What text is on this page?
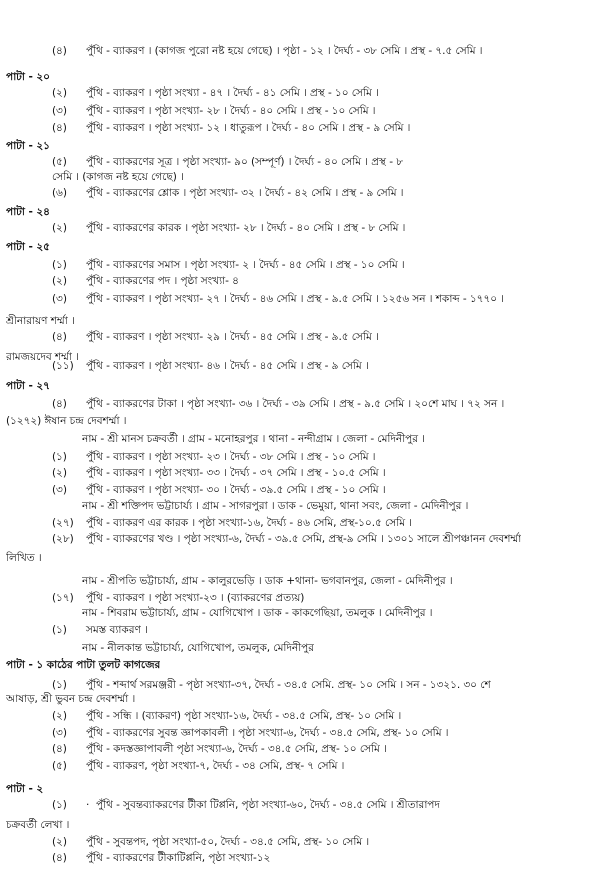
(৪) পুঁথি - ব্যাকরণ । (কাগজ পুরো নষ্ট হয়ে গেছে) । পৃষ্ঠা - ১২ । দৈর্ঘ্য - ৩৮ সেমি । প্রস্থ - ৭.৫ সেমি ।
পাটা - ২০
(২) পুঁথি - ব্যাকরণ । পৃষ্ঠা সংখ্যা - ৪৭ । দৈর্ঘ্য - ৪১ সেমি । প্রস্থ - ১০ সেমি ।
(৩) পুঁথি - ব্যাকরণ । পৃষ্ঠা সংখ্যা- ২৮ । দৈর্ঘ্য - ৪০ সেমি । প্রস্থ - ১০ সেমি ।
(৪) পুঁথি - ব্যাকরণ । পৃষ্ঠা সংখ্যা- ১২ । ধাতুরূপ । দৈর্ঘ্য - ৪০ সেমি । প্রস্থ - ৯ সেমি ।
পাটা - ২১
(৫) পুঁথি - ব্যাকরণের সূত্র । পৃষ্ঠা সংখ্যা- ৯০ (সম্পূর্ণ) । দৈর্ঘ্য - ৪০ সেমি । প্রস্থ - ৮
সেমি । (কাগজ নষ্ট হয়ে গেছে) ।
(৬) পুঁথি - ব্যাকরণের শ্লোক । পৃষ্ঠা সংখ্যা- ৩২ । দৈর্ঘ্য - ৪২ সেমি । প্রস্থ - ৯ সেমি ।
পাটা - ২৪
(২) পুঁথি - ব্যাকরণের কারক । পৃষ্ঠা সংখ্যা- ২৮ । দৈর্ঘ্য - ৪০ সেমি । প্রস্থ - ৮ সেমি ।
পাটা - ২৫
(১) পুঁথি - ব্যাকরণের সমাস । পৃষ্ঠা সংখ্যা- ২ । দৈর্ঘ্য - ৪৫ সেমি । প্রস্থ - ১০ সেমি ।
(২) পুঁথি - ব্যাকরণের পদ । পৃষ্ঠা সংখ্যা- ৪
(৩) পুঁথি - ব্যাকরণ । পৃষ্ঠা সংখ্যা- ২৭ । দৈর্ঘ্য - ৪৬ সেমি । প্রস্থ - ৯.৫ সেমি । ১২৫৬ সন । শকাব্দ - ১৭৭০ ।
শ্রীনারায়ণ শর্ম্মা ।
(৪) পুঁথি - ব্যাকরণ । পৃষ্ঠা সংখ্যা- ২৯ । দৈর্ঘ্য - ৪৫ সেমি । প্রস্থ - ৯.৫ সেমি ।
রামজয়দেব শর্ম্মা ।
(১১) পুঁথি - ব্যাকরণ । পৃষ্ঠা সংখ্যা- ৪৬ । দৈর্ঘ্য - ৪৫ সেমি । প্রস্থ - ৯ সেমি ।
পাটা - ২৭
(৪) পুঁথি - ব্যাকরণের টাকা । পৃষ্ঠা সংখ্যা- ৩৬ । দৈর্ঘ্য - ৩৯ সেমি । প্রস্থ - ৯.৫ সেমি । ২০শে মাঘ । ৭২ সন ।
(১২৭২) ঈষান চন্দ্র দেবশর্ম্মা ।
নাম - শ্রী মানস চক্রবর্তী । গ্রাম - মনোহরপুর । থানা - নন্দীগ্রাম । জেলা - মেদিনীপুর ।
(১) পুঁথি - ব্যাকরণ । পৃষ্ঠা সংখ্যা- ২৩ । দৈর্ঘ্য - ৩৮ সেমি । প্রস্থ - ১০ সেমি ।
(২) পুঁথি - ব্যাকরণ । পৃষ্ঠা সংখ্যা- ৩৩ । দৈর্ঘ্য - ৩৭ সেমি । প্রস্থ - ১০.৫ সেমি ।
(৩) পুঁথি - ব্যাকরণ । পৃষ্ঠা সংখ্যা- ৩০ । দৈর্ঘ্য - ৩৯.৫ সেমি । প্রস্থ - ১০ সেমি ।
নাম - শ্রী শক্তিপদ ভট্টাচার্য্য । গ্রাম - সাগরপুরা । ডাক - ভেমুয়া, থানা সবং, জেলা - মেদিনীপুর ।
(২৭) পুঁথি - ব্যাকরণ এর কারক । পৃষ্ঠা সংখ্যা-১৬, দৈর্ঘ্য - ৪৬ সেমি, প্রস্থ-১০.৫ সেমি ।
(২৮) পুঁথি - ব্যাকরণের খণ্ড । পৃষ্ঠা সংখ্যা-৬, দৈর্ঘ্য - ৩৯.৫ সেমি, প্রস্থ-৯ সেমি । ১৩০১ সালে শ্রীপঞ্চানন দেবশর্ম্মা
লিখিত ।
নাম - শ্রীপতি ভট্টাচার্য্য, গ্রাম - কালুরভেড়ি । ডাক +থানা- ভগবানপুর, জেলা - মেদিনীপুর ।
(১৭) পুঁথি - ব্যাকরণ । পৃষ্ঠা সংখ্যা-২৩ । (ব্যাকরণের প্রত্যয়)
নাম - শিবরাম ভট্টাচার্য্য, গ্রাম - যোগিখোপ । ডাক - কাকগেছিয়া, তমলুক । মেদিনীপুর ।
(১) সমস্ত ব্যাকরণ ।
নাম - নীলকান্ত ভট্টাচার্য্য, যোগিখোপ, তমলুক, মেদিনীপুর
পাটা - ১ কাঠের পাটা তুলট কাগজের
(১) পুঁথি - শব্দার্থ সরমঞ্জরী - পৃষ্ঠা সংখ্যা-৩৭, দৈর্ঘ্য - ৩৪.৫ সেমি. প্রস্থ- ১০ সেমি । সন - ১৩২১. ৩০ শে
আষাড়, শ্রী ভুবন চন্দ্র দেবশর্ম্মা ।
(২) পুঁথি - সন্ধি । (ব্যাকরণ) পৃষ্ঠা সংখ্যা-১৬, দৈর্ঘ্য - ৩৪.৫ সেমি, প্রস্থ- ১০ সেমি ।
(৩) পুঁথি - ব্যাকরণের সুবন্ত জ্ঞাপকাবলী । পৃষ্ঠা সংখ্যা-৬, দৈর্ঘ্য - ৩৪.৫ সেমি, প্রস্থ- ১০ সেমি ।
(৪) পুঁথি - কদস্তজ্ঞাপাবলী পৃষ্ঠা সংখ্যা-৬, দৈর্ঘ্য - ৩৪.৫ সেমি, প্রস্থ- ১০ সেমি ।
(৫) পুঁথি - ব্যাকরণ, পৃষ্ঠা সংখ্যা-৭, দৈর্ঘ্য - ৩৪ সেমি, প্রস্থ- ৭ সেমি ।
পাটা - ২
(১) · পুঁথি - সুবন্তব্যাকরণের টীকা টিপ্পনি, পৃষ্ঠা সংখ্যা-৬০, দৈর্ঘ্য - ৩৪.৫ সেমি । শ্রীতারাপদ
চক্রবর্তী লেখা ।
(২) পুঁথি - সুবন্তপদ, পৃষ্ঠা সংখ্যা-৫০, দৈর্ঘ্য - ৩৪.৫ সেমি, প্রস্থ- ১০ সেমি ।
(৪) পুঁথি - ব্যাকরণের টীকাটিপ্পনি, পৃষ্ঠা সংখ্যা-১২
